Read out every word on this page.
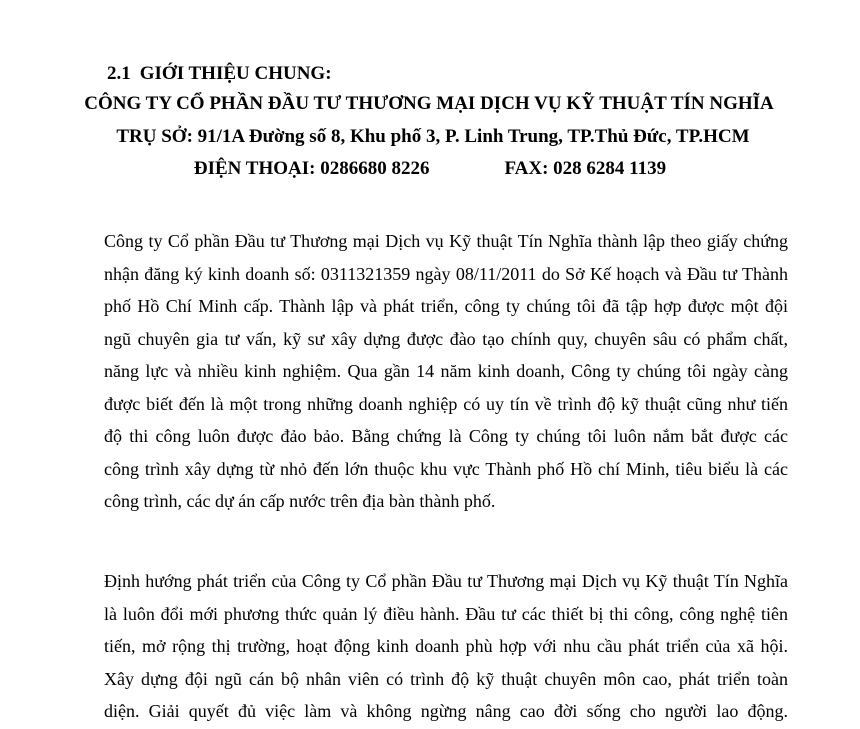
2.1 GIỚI THIỆU CHUNG:
CÔNG TY CỔ PHẦN ĐẦU TƯ THƯƠNG MẠI DỊCH VỤ KỸ THUẬT TÍN NGHĨA
TRỤ SỞ: 91/1A Đường số 8, Khu phố 3, P. Linh Trung, TP.Thủ Đức, TP.HCM
ĐIỆN THOẠI: 0286680 8226	FAX: 028 6284 1139
Công ty Cổ phần Đầu tư Thương mại Dịch vụ Kỹ thuật Tín Nghĩa thành lập theo giấy chứng
nhận đăng ký kinh doanh số: 0311321359 ngày 08/11/2011 do Sở Kế hoạch và Đầu tư Thành
phố Hồ Chí Minh cấp. Thành lập và phát triển, công ty chúng tôi đã tập hợp được một đội
ngũ chuyên gia tư vấn, kỹ sư xây dựng được đào tạo chính quy, chuyên sâu có phẩm chất,
năng lực và nhiều kinh nghiệm. Qua gần 14 năm kinh doanh, Công ty chúng tôi ngày càng
được biết đến là một trong những doanh nghiệp có uy tín về trình độ kỹ thuật cũng như tiến
độ thi công luôn được đảo bảo. Bằng chứng là Công ty chúng tôi luôn nắm bắt được các
công trình xây dựng từ nhỏ đến lớn thuộc khu vực Thành phố Hồ chí Minh, tiêu biểu là các
công trình, các dự án cấp nước trên địa bàn thành phố.
Định hướng phát triển của Công ty Cổ phần Đầu tư Thương mại Dịch vụ Kỹ thuật Tín Nghĩa
là luôn đổi mới phương thức quản lý điều hành. Đầu tư các thiết bị thi công, công nghệ tiên
tiến, mở rộng thị trường, hoạt động kinh doanh phù hợp với nhu cầu phát triển của xã hội.
Xây dựng đội ngũ cán bộ nhân viên có trình độ kỹ thuật chuyên môn cao, phát triển toàn
diện. Giải quyết đủ việc làm và không ngừng nâng cao đời sống cho người lao động.
